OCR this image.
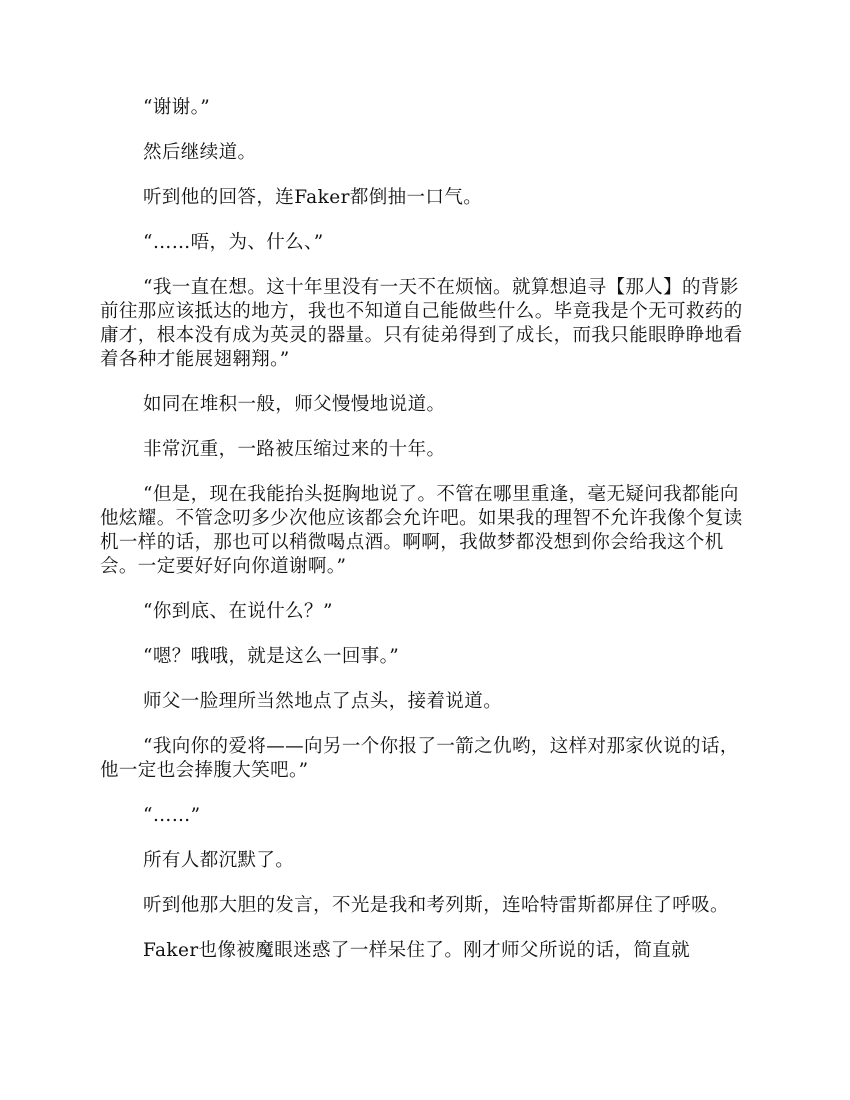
“谢谢。”

然后继续道。

听到他的回答，连Faker都倒抽一口气。

“……唔，为、什么、”

“我一直在想。这十年里没有一天不在烦恼。就算想追寻【那人】的背影前往那应该抵达的地方，我也不知道自己能做些什么。毕竟我是个无可救药的庸才，根本没有成为英灵的器量。只有徒弟得到了成长，而我只能眼睁睁地看着各种才能展翅翱翔。”

如同在堆积一般，师父慢慢地说道。

非常沉重，一路被压缩过来的十年。

“但是，现在我能抬头挺胸地说了。不管在哪里重逢，毫无疑问我都能向他炫耀。不管念叨多少次他应该都会允许吧。如果我的理智不允许我像个复读机一样的话，那也可以稍微喝点酒。啊啊，我做梦都没想到你会给我这个机会。一定要好好向你道谢啊。”

“你到底、在说什么？”

“嗯？哦哦，就是这么一回事。”

师父一脸理所当然地点了点头，接着说道。

“我向你的爱将——向另一个你报了一箭之仇哟，这样对那家伙说的话，他一定也会捧腹大笑吧。”

“……”

所有人都沉默了。

听到他那大胆的发言，不光是我和考列斯，连哈特雷斯都屏住了呼吸。

Faker也像被魔眼迷惑了一样呆住了。刚才师父所说的话，简直就
